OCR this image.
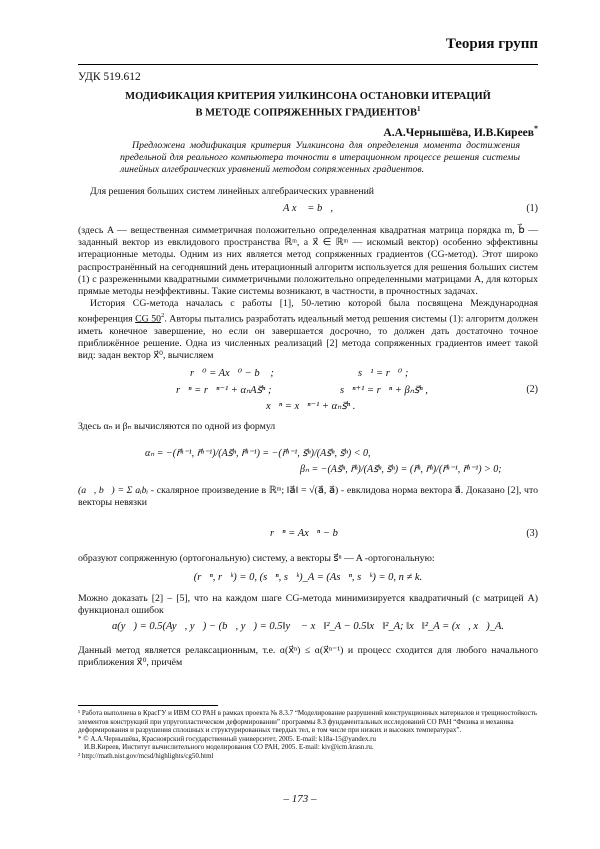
Теория групп
УДК 519.612
МОДИФИКАЦИЯ КРИТЕРИЯ УИЛКИНСОНА ОСТАНОВКИ ИТЕРАЦИЙ
В МЕТОДЕ СОПРЯЖЕННЫХ ГРАДИЕНТОВ$^1$
А.А.Чернышёва, И.В.Киреев*
Предложена модификация критерия Уилкинсона для определения момента достижения предельной для реального компьютера точности в итерационном процессе решения системы линейных алгебраических уравнений методом сопряженных градиентов.
Для решения больших систем линейных алгебраических уравнений
A x⃗ = b⃗,	(1)
(здесь A — вещественная симметричная положительно определенная квадратная матрица порядка m, b⃗ — заданный вектор из евклидового пространства ℝᵐ, а x⃗ ∈ ℝᵐ — искомый вектор) особенно эффективны итерационные методы. Одним из них является метод сопряженных градиентов (CG-метод). Этот широко распространённый на сегодняшний день итерационный алгоритм используется для решения больших систем (1) с разреженными квадратными симметричными положительно определенными матрицами A, для которых прямые методы неэффективны. Такие системы возникают, в частности, в прочностных задачах.
История CG-метода началась с работы [1], 50-летию которой была посвящена Международная конференция CG $50^2$. Авторы пытались разработать идеальный метод решения системы (1): алгоритм должен иметь конечное завершение, но если он завершается досрочно, то должен дать достаточно точное приближённое решение. Одна из численных реализаций [2] метода сопряженных градиентов имеет такой вид: задан вектор x⃗⁰, вычисляем
r⃗⁰ = Ax⃗⁰ − b⃗ ;	s⃗¹ = r⃗⁰ ;
r⃗ⁿ = r⃗ⁿ⁻¹ + αₙAs⃗ⁿ ;	s⃗ⁿ⁺¹ = r⃗ⁿ + βₙs⃗ⁿ ,
x⃗ⁿ = x⃗ⁿ⁻¹ + αₙs⃗ⁿ .
(2)
Здесь αₙ и βₙ вычисляются по одной из формул
αₙ = −(r⃗ⁿ⁻¹, r⃗ⁿ⁻¹)/(As⃗ⁿ, r⃗ⁿ⁻¹) = −(r⃗ⁿ⁻¹, s⃗ⁿ)/(As⃗ⁿ, s⃗ⁿ) < 0,
βₙ = −(As⃗ⁿ, r⃗ⁿ)/(As⃗ⁿ, s⃗ⁿ) = (r⃗ⁿ, r⃗ⁿ)/(r⃗ⁿ⁻¹, r⃗ⁿ⁻¹) > 0;
(a⃗, b⃗) = Σ aᵢbᵢ - скалярное произведение в ℝᵐ; ‖a⃗‖ = √(a⃗, a⃗) - евклидова норма вектора a⃗. Доказано [2], что векторы невязки
r⃗ⁿ = Ax⃗ⁿ − b⃗	(3)
образуют сопряженную (ортогональную) систему, а векторы s⃗ⁿ — A -ортогональную:
(r⃗ⁿ, r⃗ᵏ) = 0, (s⃗ⁿ, s⃗ᵏ)_A = (As⃗ⁿ, s⃗ᵏ) = 0, n ≠ k.
Можно доказать [2] – [5], что на каждом шаге CG-метода минимизируется квадратичный (с матрицей A) функционал ошибок
ɑ(y⃗) = 0.5(Ay⃗, y⃗) − (b⃗, y⃗) = 0.5‖y⃗ − x⃗‖²_A − 0.5‖x⃗‖²_A; ‖x⃗‖²_A = (x⃗, x⃗)_A.
Данный метод является релаксационным, т.е. ɑ(x⃗ⁿ) ≤ ɑ(x⃗ⁿ⁻¹) и процесс сходится для любого начального приближения x⃗⁰, причём

¹ Работа выполнена в КрасГУ и ИВМ СО РАН в рамках проекта № 8.3.7 “Моделирование разрушений конструкционных материалов и трещиностойкость элементов конструкций при упругопластическом деформировании” программы 8.3 фундаментальных исследований СО РАН “Физика и механика деформирования и разрушения сплошных и структурированных твердых тел, в том числе при низких и высоких температурах”.

* © А.А.Чернышёва, Красноярский государственный университет, 2005. E-mail: k18a-15@yandex.ru

И.В.Киреев, Институт вычислительного моделирования СО РАН, 2005. E-mail: kiv@icm.krasn.ru.

² http://math.nist.gov/mcsd/highlights/cg50.html

– 173 –
